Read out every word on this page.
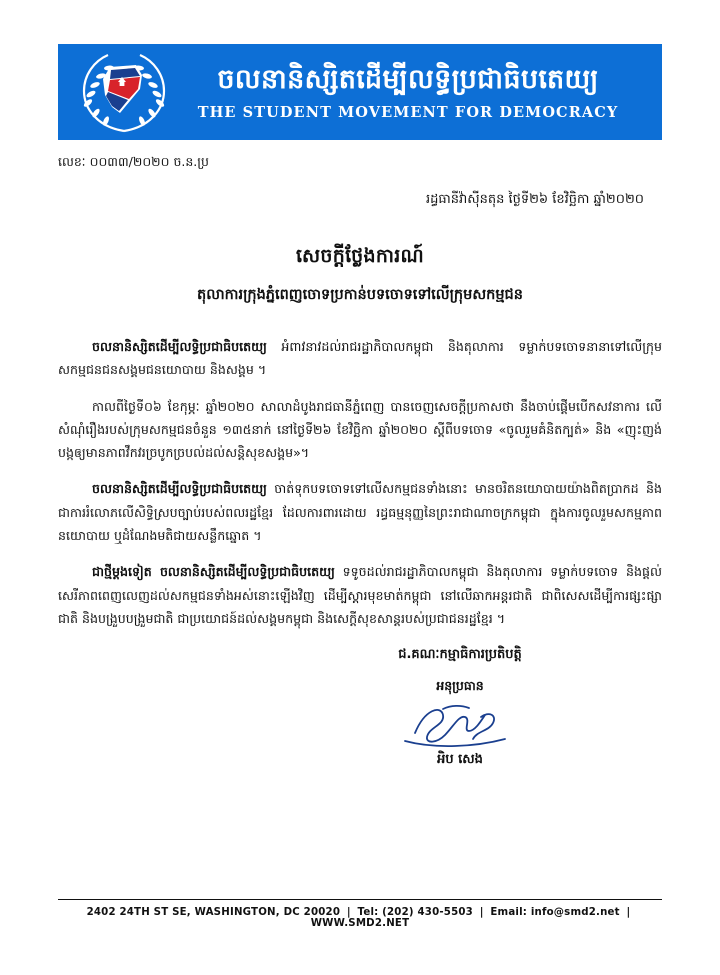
ចលនានិស្សិតដើម្បីលទ្ធិប្រជាធិបតេយ្យ
THE STUDENT MOVEMENT FOR DEMOCRACY
លេខៈ ០០៣៣/២០២០ ច.ន.ប្រ
រដ្ធធានីវ៉ាស៊ីនតុន ថ្ងៃទី២៦ ខែវិច្ឆិកា ឆ្នាំ២០២០
សេចក្ដីថ្លែងការណ៍
តុលាការក្រុងភ្នំពេញចោទប្រកាន់បទចោទទៅលើក្រុមសកម្មជន

ចលនានិស្សិតដើម្បីលទ្ធិប្រជាធិបតេយ្យ អំពាវនាវដល់រាជរដ្ឋាភិបាលកម្ពុជា និងតុលាការ ទម្លាក់បទចោទនានាទៅលើក្រុមសកម្មជនជនសង្គមជនយោបាយ និងសង្គម ។

កាលពីថ្ងៃទី០៦ ខែកុម្ភៈ ឆ្នាំ២០២០ សាលាដំបូងរាជធានីភ្នំពេញ បានចេញសេចក្តីប្រកាសថា នឹងចាប់ផ្តើមបើកសវនាការ លើសំណុំរឿងរបស់ក្រុមសកម្មជនចំនួន ១៣៥នាក់ នៅថ្ងៃទី២៦ ខែវិច្ឆិកា ឆ្នាំ២០២០ ស្តីពីបទចោទ «ចូលរួមគំនិតក្បត់» និង «ញុះញង់បង្កឲ្យមានភាពវឹកវរច្របូកច្របល់ដល់សន្តិសុខសង្គម»។

ចលនានិស្សិតដើម្បីលទ្ធិប្រជាធិបតេយ្យ ចាត់ទុកបទចោទទៅលើសកម្មជនទាំងនោះ មានចរិតនយោបាយយ៉ាងពិតប្រាកដ និងជាការរំលោភលើសិទ្ធិស្របច្បាប់របស់ពលរដ្ឋខ្មែរ ដែលការពារដោយ រដ្ធធម្មនុញ្ញនៃព្រះរាជាណាចក្រកម្ពុជា ក្នុងការចូលរួមសកម្មភាពនយោបាយ ឬដំណែងមតិជាយសន្លឹកឆ្នោត ។

ជាថ្មីម្តងទៀត ចលនានិស្សិតដើម្បីលទ្ធិប្រជាធិបតេយ្យ ទទូចដល់រាជរដ្ឋាភិបាលកម្ពុជា និងតុលាការ ទម្លាក់បទចោទ និងផ្ដល់សេរីភាពពេញលេញដល់សកម្មជនទាំងអស់នោះឡើងវិញ ដើម្បីស្ដារមុខមាត់កម្ពុជា នៅលើឆាកអន្តរជាតិ ជាពិសេសដើម្បីការផ្សះផ្សាជាតិ និងបង្រួបបង្រួមជាតិ ជាប្រយោជន៍ដល់សង្គមកម្ពុជា និងសេក្តីសុខសាន្តរបស់ប្រជាជនរដ្ឋខ្មែរ ។

ជ.គណៈកម្មាធិការប្រតិបត្តិ
អនុប្រធាន
អិប សេង
2402 24TH ST SE, WASHINGTON, DC 20020 | Tel: (202) 430-5503 | Email: info@smd2.net | WWW.SMD2.NET
